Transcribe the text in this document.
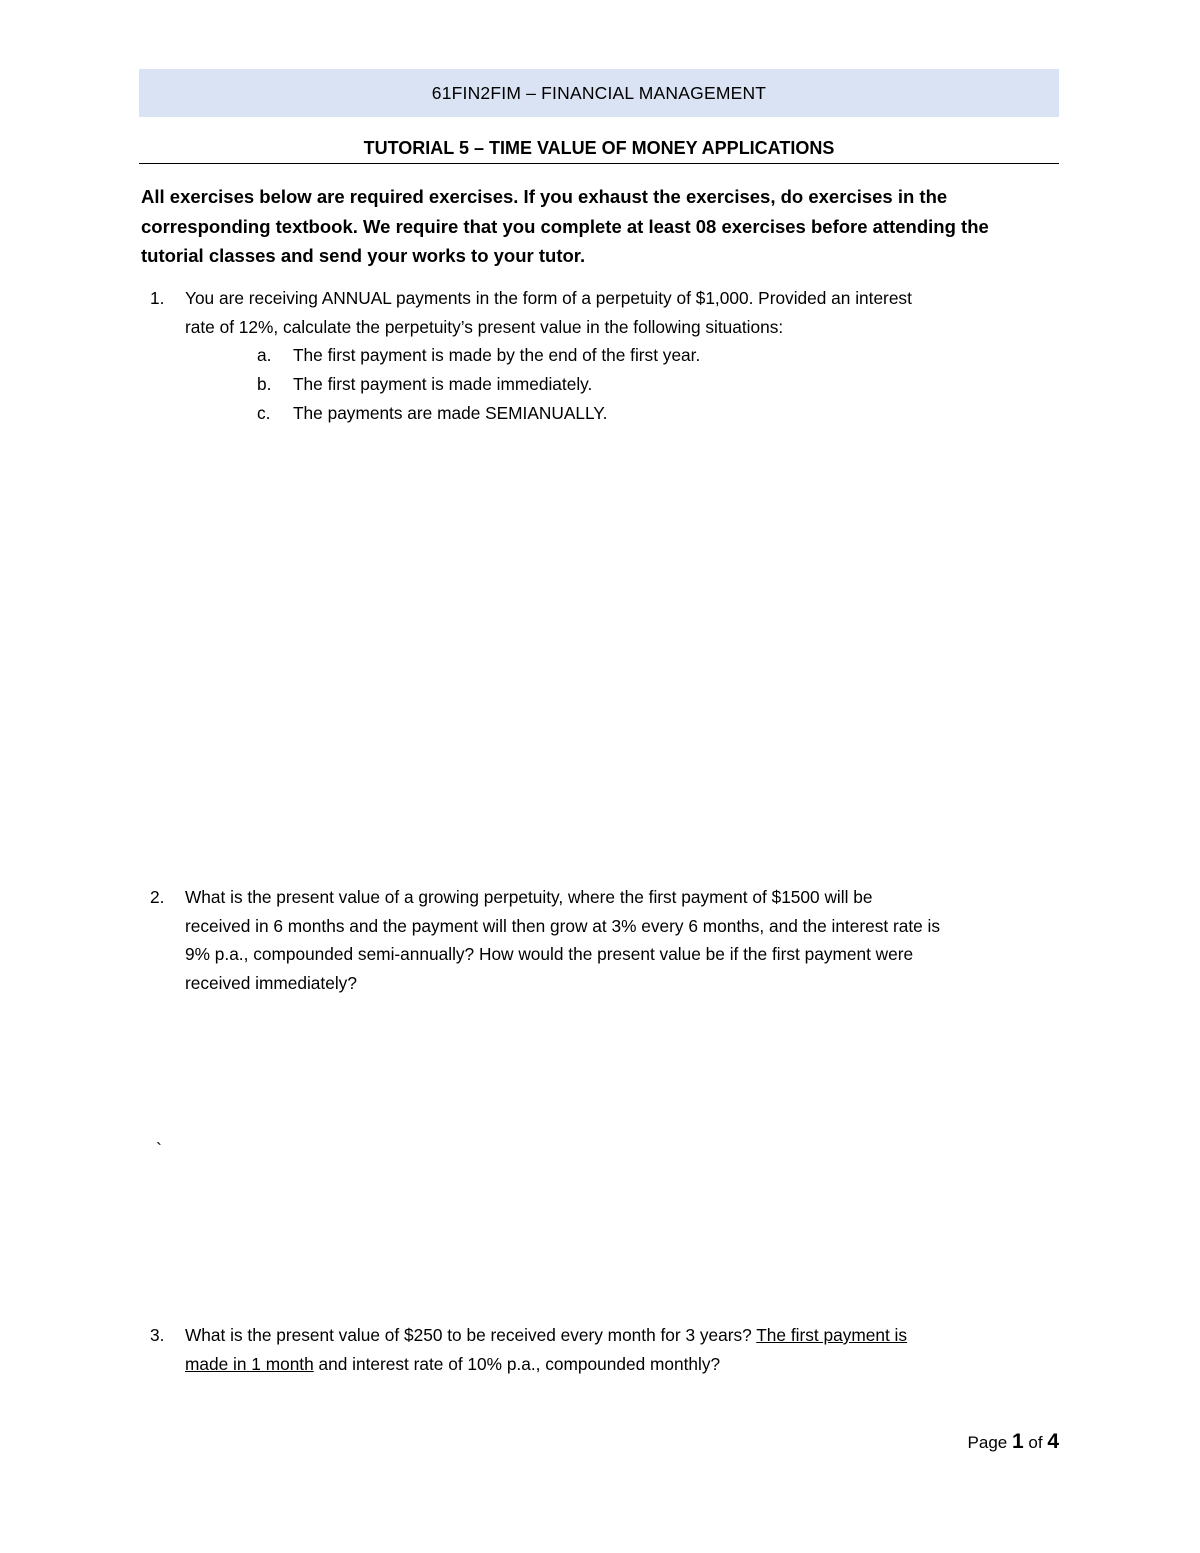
61FIN2FIM – FINANCIAL MANAGEMENT
TUTORIAL 5 – TIME VALUE OF MONEY APPLICATIONS
All exercises below are required exercises. If you exhaust the exercises, do exercises in the
corresponding textbook. We require that you complete at least 08 exercises before attending the
tutorial classes and send your works to your tutor.
1. You are receiving ANNUAL payments in the form of a perpetuity of $1,000. Provided an interest
rate of 12%, calculate the perpetuity’s present value in the following situations:
a. The first payment is made by the end of the first year.
b. The first payment is made immediately.
c. The payments are made SEMIANUALLY.
2. What is the present value of a growing perpetuity, where the first payment of $1500 will be
received in 6 months and the payment will then grow at 3% every 6 months, and the interest rate is
9% p.a., compounded semi-annually? How would the present value be if the first payment were
received immediately?
`
3. What is the present value of $250 to be received every month for 3 years? The first payment is
made in 1 month and interest rate of 10% p.a., compounded monthly?
Page 1 of 4
